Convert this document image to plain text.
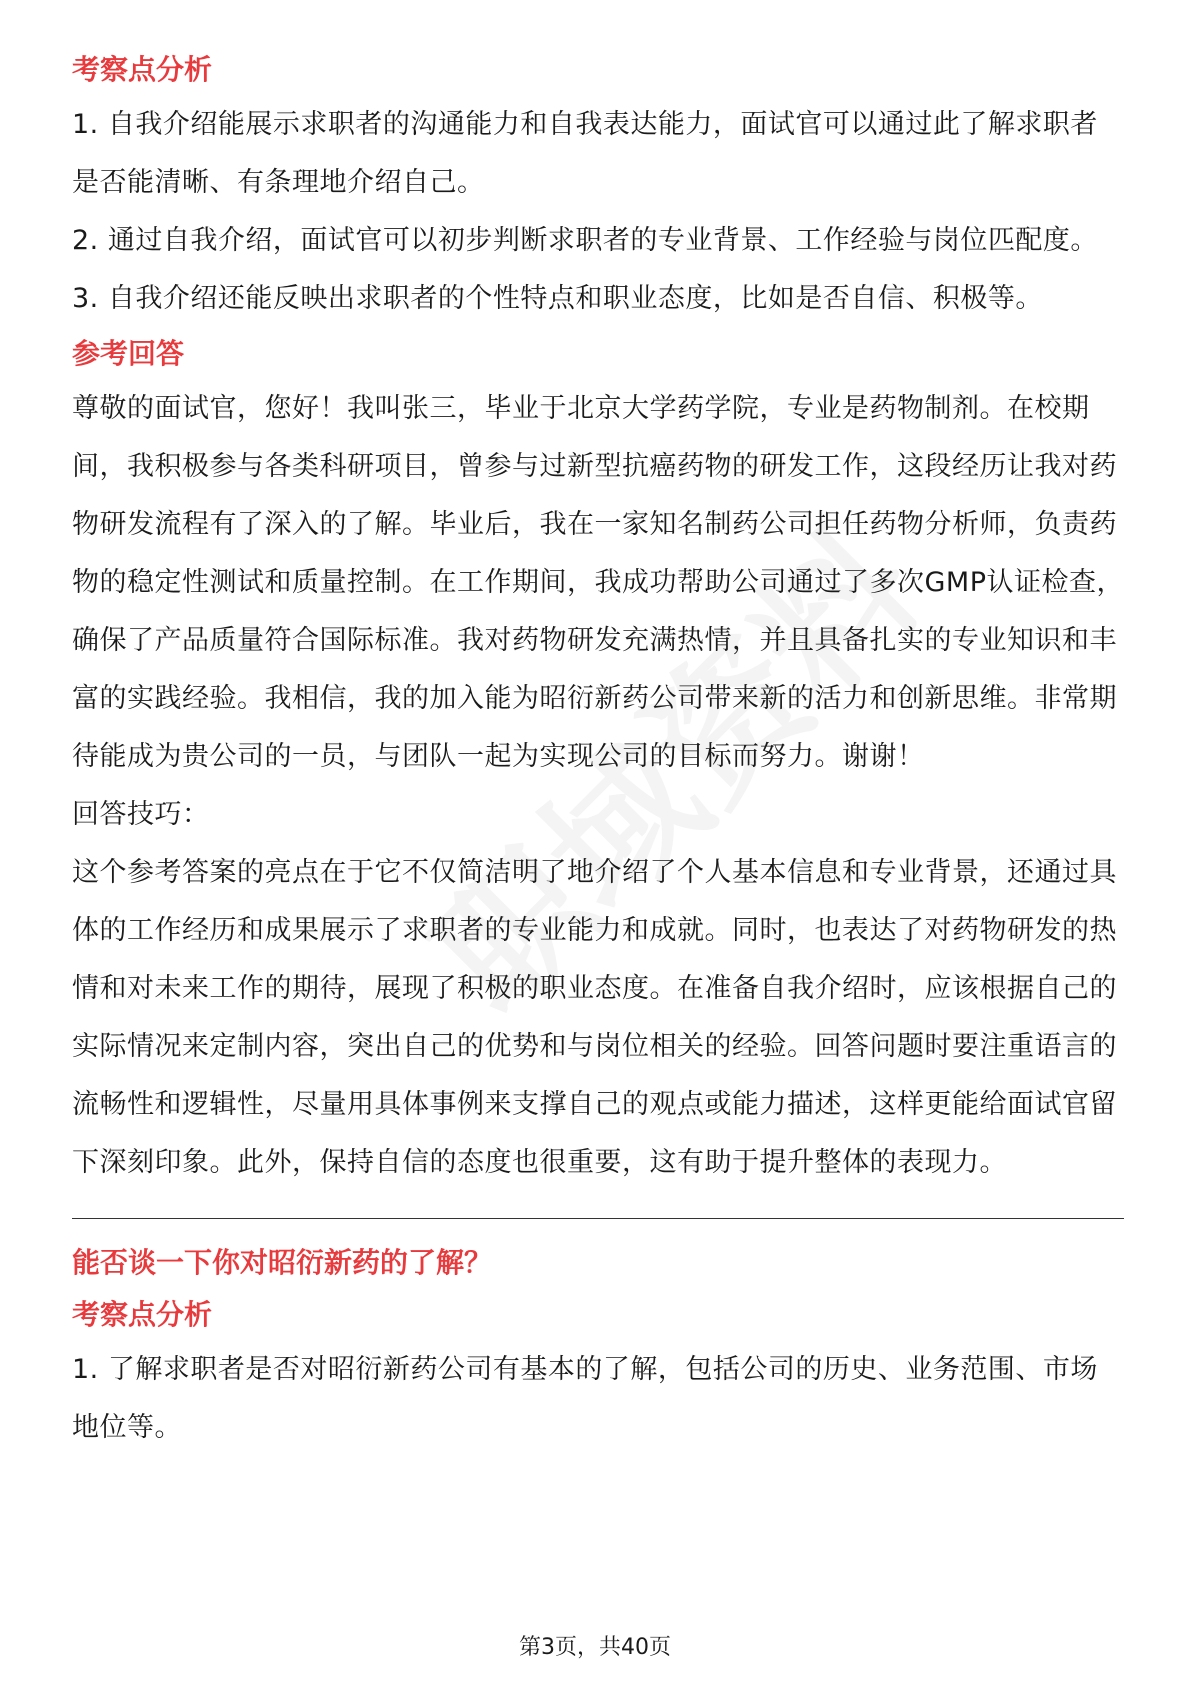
考察点分析

1. 自我介绍能展示求职者的沟通能力和自我表达能力，面试官可以通过此了解求职者是否能清晰、有条理地介绍自己。

2. 通过自我介绍，面试官可以初步判断求职者的专业背景、工作经验与岗位匹配度。

3. 自我介绍还能反映出求职者的个性特点和职业态度，比如是否自信、积极等。

参考回答

尊敬的面试官，您好！我叫张三，毕业于北京大学药学院，专业是药物制剂。在校期间，我积极参与各类科研项目，曾参与过新型抗癌药物的研发工作，这段经历让我对药物研发流程有了深入的了解。毕业后，我在一家知名制药公司担任药物分析师，负责药物的稳定性测试和质量控制。在工作期间，我成功帮助公司通过了多次GMP认证检查，确保了产品质量符合国际标准。我对药物研发充满热情，并且具备扎实的专业知识和丰富的实践经验。我相信，我的加入能为昭衍新药公司带来新的活力和创新思维。非常期待能成为贵公司的一员，与团队一起为实现公司的目标而努力。谢谢！

回答技巧：

这个参考答案的亮点在于它不仅简洁明了地介绍了个人基本信息和专业背景，还通过具体的工作经历和成果展示了求职者的专业能力和成就。同时，也表达了对药物研发的热情和对未来工作的期待，展现了积极的职业态度。在准备自我介绍时，应该根据自己的实际情况来定制内容，突出自己的优势和与岗位相关的经验。回答问题时要注重语言的流畅性和逻辑性，尽量用具体事例来支撑自己的观点或能力描述，这样更能给面试官留下深刻印象。此外，保持自信的态度也很重要，这有助于提升整体的表现力。

能否谈一下你对昭衍新药的了解？

考察点分析

1. 了解求职者是否对昭衍新药公司有基本的了解，包括公司的历史、业务范围、市场地位等。

第3页，共40页
